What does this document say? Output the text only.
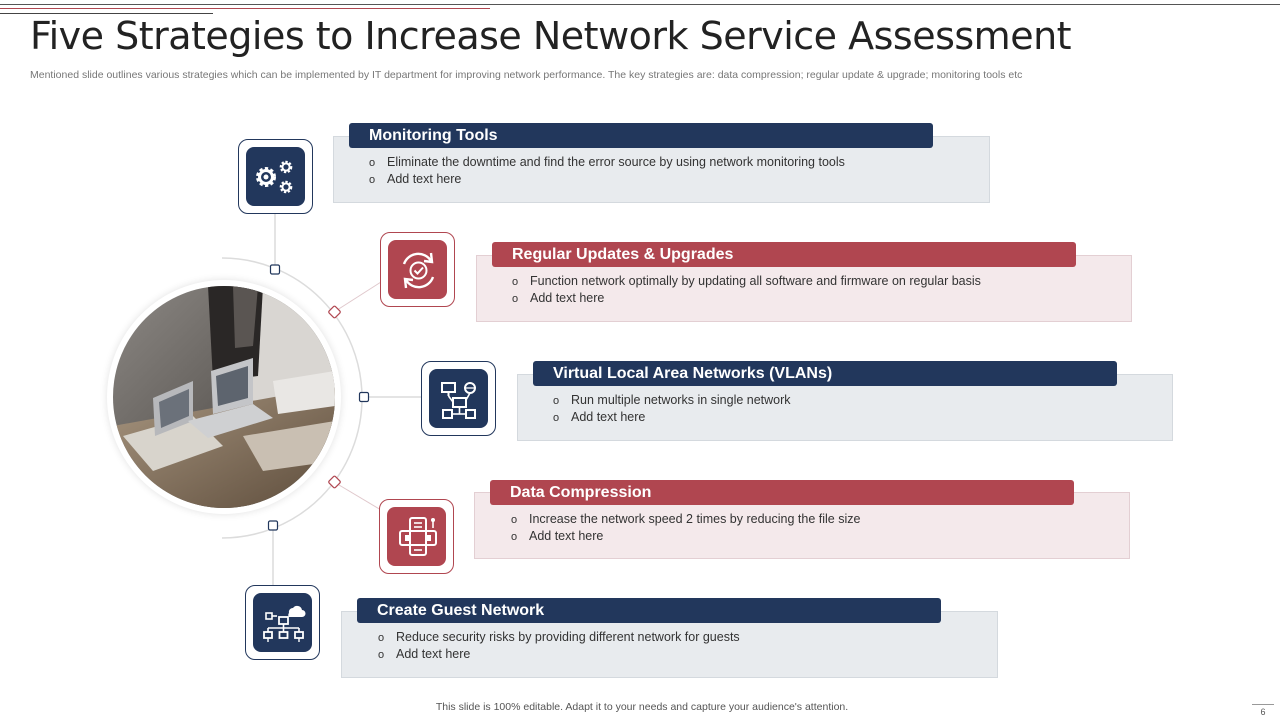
Five Strategies to Increase Network Service Assessment
Mentioned slide outlines various strategies which can be implemented by IT department for improving network performance. The key strategies are: data compression; regular update & upgrade; monitoring tools etc
Monitoring Tools
o Eliminate the downtime and find the error source by using network monitoring tools
o Add text here
Regular Updates & Upgrades
o Function network optimally by updating all software and firmware on regular basis
o Add text here
Virtual Local Area Networks (VLANs)
o Run multiple networks in single network
o Add text here
Data Compression
o Increase the network speed 2 times by reducing the file size
o Add text here
Create Guest Network
o Reduce security risks by providing different network for guests
o Add text here
This slide is 100% editable. Adapt it to your needs and capture your audience's attention.	6
